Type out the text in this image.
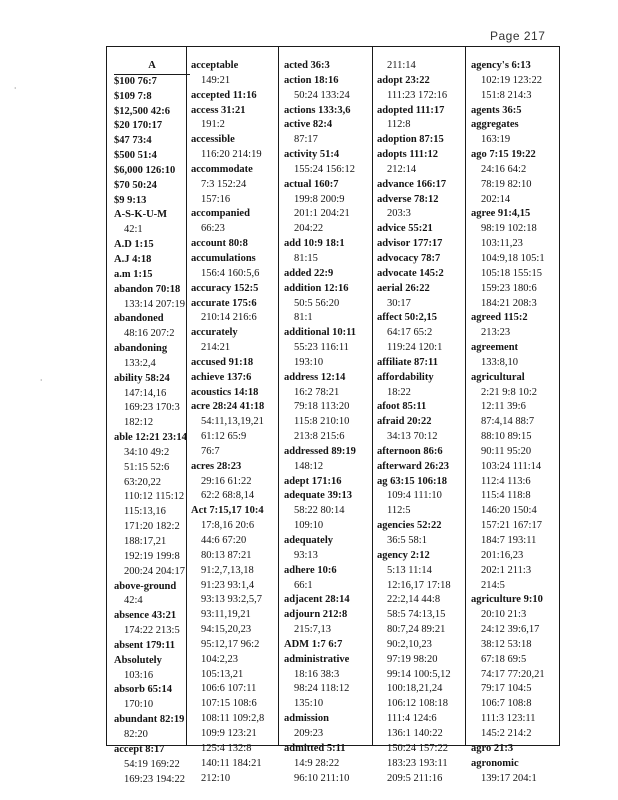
Page 217
⸳
⸳
A
$100 76:7
$109 7:8
$12,500 42:6
$20 170:17
$47 73:4
$500 51:4
$6,000 126:10
$70 50:24
$9 9:13
A-S-K-U-M
42:1
A.D 1:15
A.J 4:18
a.m 1:15
abandon 70:18
133:14 207:19
abandoned
48:16 207:2
abandoning
133:2,4
ability 58:24
147:14,16
169:23 170:3
182:12
able 12:21 23:14
34:10 49:2
51:15 52:6
63:20,22
110:12 115:12
115:13,16
171:20 182:2
188:17,21
192:19 199:8
200:24 204:17
above-ground
42:4
absence 43:21
174:22 213:5
absent 179:11
Absolutely
103:16
absorb 65:14
170:10
abundant 82:19
82:20
accept 8:17
54:19 169:22
169:23 194:22
acceptable
149:21
accepted 11:16
access 31:21
191:2
accessible
116:20 214:19
accommodate
7:3 152:24
157:16
accompanied
66:23
account 80:8
accumulations
156:4 160:5,6
accuracy 152:5
accurate 175:6
210:14 216:6
accurately
214:21
accused 91:18
achieve 137:6
acoustics 14:18
acre 28:24 41:18
54:11,13,19,21
61:12 65:9
76:7
acres 28:23
29:16 61:22
62:2 68:8,14
Act 7:15,17 10:4
17:8,16 20:6
44:6 67:20
80:13 87:21
91:2,7,13,18
91:23 93:1,4
93:13 93:2,5,7
93:11,19,21
94:15,20,23
95:12,17 96:2
104:2,23
105:13,21
106:6 107:11
107:15 108:6
108:11 109:2,8
109:9 123:21
125:4 132:8
140:11 184:21
212:10
acted 36:3
action 18:16
50:24 133:24
actions 133:3,6
active 82:4
87:17
activity 51:4
155:24 156:12
actual 160:7
199:8 200:9
201:1 204:21
204:22
add 10:9 18:1
81:15
added 22:9
addition 12:16
50:5 56:20
81:1
additional 10:11
55:23 116:11
193:10
address 12:14
16:2 78:21
79:18 113:20
115:8 210:10
213:8 215:6
addressed 89:19
148:12
adept 171:16
adequate 39:13
58:22 80:14
109:10
adequately
93:13
adhere 10:6
66:1
adjacent 28:14
adjourn 212:8
215:7,13
ADM 1:7 6:7
administrative
18:16 38:3
98:24 118:12
135:10
admission
209:23
admitted 5:11
14:9 28:22
96:10 211:10
211:14
adopt 23:22
111:23 172:16
adopted 111:17
112:8
adoption 87:15
adopts 111:12
212:14
advance 166:17
adverse 78:12
203:3
advice 55:21
advisor 177:17
advocacy 78:7
advocate 145:2
aerial 26:22
30:17
affect 50:2,15
64:17 65:2
119:24 120:1
affiliate 87:11
affordability
18:22
afoot 85:11
afraid 20:22
34:13 70:12
afternoon 86:6
afterward 26:23
ag 63:15 106:18
109:4 111:10
112:5
agencies 52:22
36:5 58:1
agency 2:12
5:13 11:14
12:16,17 17:18
22:2,14 44:8
58:5 74:13,15
80:7,24 89:21
90:2,10,23
97:19 98:20
99:14 100:5,12
100:18,21,24
106:12 108:18
111:4 124:6
136:1 140:22
150:24 157:22
183:23 193:11
209:5 211:16
agency's 6:13
102:19 123:22
151:8 214:3
agents 36:5
aggregates
163:19
ago 7:15 19:22
24:16 64:2
78:19 82:10
202:14
agree 91:4,15
98:19 102:18
103:11,23
104:9,18 105:1
105:18 155:15
159:23 180:6
184:21 208:3
agreed 115:2
213:23
agreement
133:8,10
agricultural
2:21 9:8 10:2
12:11 39:6
87:4,14 88:7
88:10 89:15
90:11 95:20
103:24 111:14
112:4 113:6
115:4 118:8
146:20 150:4
157:21 167:17
184:7 193:11
201:16,23
202:1 211:3
214:5
agriculture 9:10
20:10 21:3
24:12 39:6,17
38:12 53:18
67:18 69:5
74:17 77:20,21
79:17 104:5
106:7 108:8
111:3 123:11
145:2 214:2
agro 21:3
agronomic
139:17 204:1
